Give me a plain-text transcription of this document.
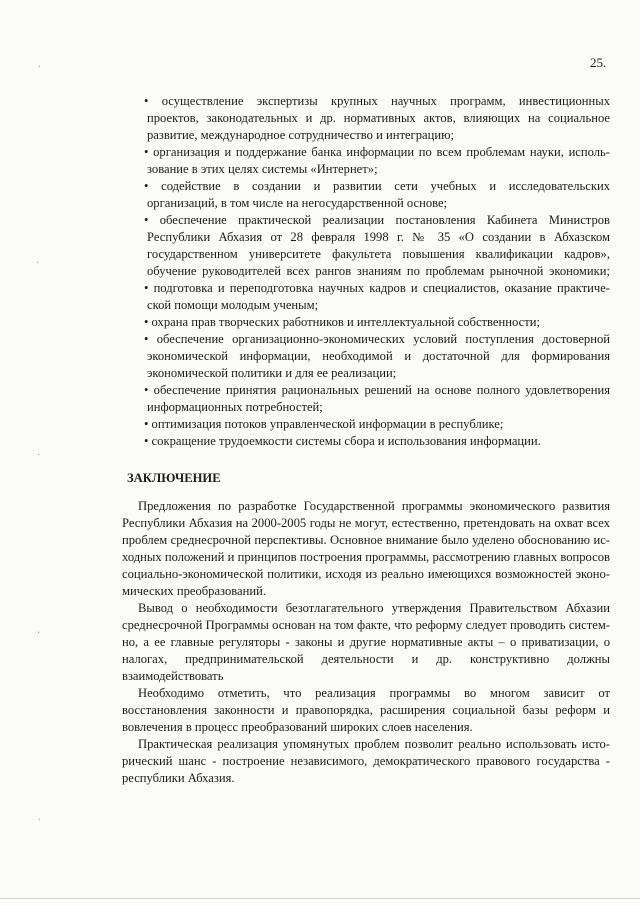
25.
• осуществление экспертизы крупных научных программ, инвестиционных
проектов, законодательных и др. нормативных актов, влияющих на социальное
развитие, международное сотрудничество и интеграцию;
• организация и поддержание банка информации по всем проблемам науки, исполь-
зование в этих целях системы «Интернет»;
• содействие в создании и развитии сети учебных и исследовательских
организаций, в том числе на негосударственной основе;
• обеспечение практической реализации постановления Кабинета Министров
Республики Абхазия от 28 февраля 1998 г. № 35 «О создании в Абхазском
государственном университете факультета повышения квалификации кадров»,
обучение руководителей всех рангов знаниям по проблемам рыночной экономики;
• подготовка и переподготовка научных кадров и специалистов, оказание практиче-
ской помощи молодым ученым;
• охрана прав творческих работников и интеллектуальной собственности;
• обеспечение организационно-экономических условий поступления достоверной
экономической информации, необходимой и достаточной для формирования
экономической политики и для ее реализации;
• обеспечение принятия рациональных решений на основе полного удовлетворения
информационных потребностей;
• оптимизация потоков управленческой информации в республике;
• сокращение трудоемкости системы сбора и использования информации.
ЗАКЛЮЧЕНИЕ
Предложения по разработке Государственной программы экономического развития
Республики Абхазия на 2000-2005 годы не могут, естественно, претендовать на охват всех
проблем среднесрочной перспективы. Основное внимание было уделено обоснованию ис-
ходных положений и принципов построения программы, рассмотрению главных вопросов
социально-экономической политики, исходя из реально имеющихся возможностей эконо-
мических преобразований.
Вывод о необходимости безотлагательного утверждения Правительством Абхазии
среднесрочной Программы основан на том факте, что реформу следует проводить систем-
но, а ее главные регуляторы - законы и другие нормативные акты – о приватизации, о
налогах, предпринимательской деятельности и др. конструктивно должны
взаимодействовать
Необходимо отметить, что реализация программы во многом зависит от
восстановления законности и правопорядка, расширения социальной базы реформ и
вовлечения в процесс преобразований широких слоев населения.
Практическая реализация упомянутых проблем позволит реально использовать исто-
рический шанс - построение независимого, демократического правового государства -
республики Абхазия.
·
·
·
·
·
